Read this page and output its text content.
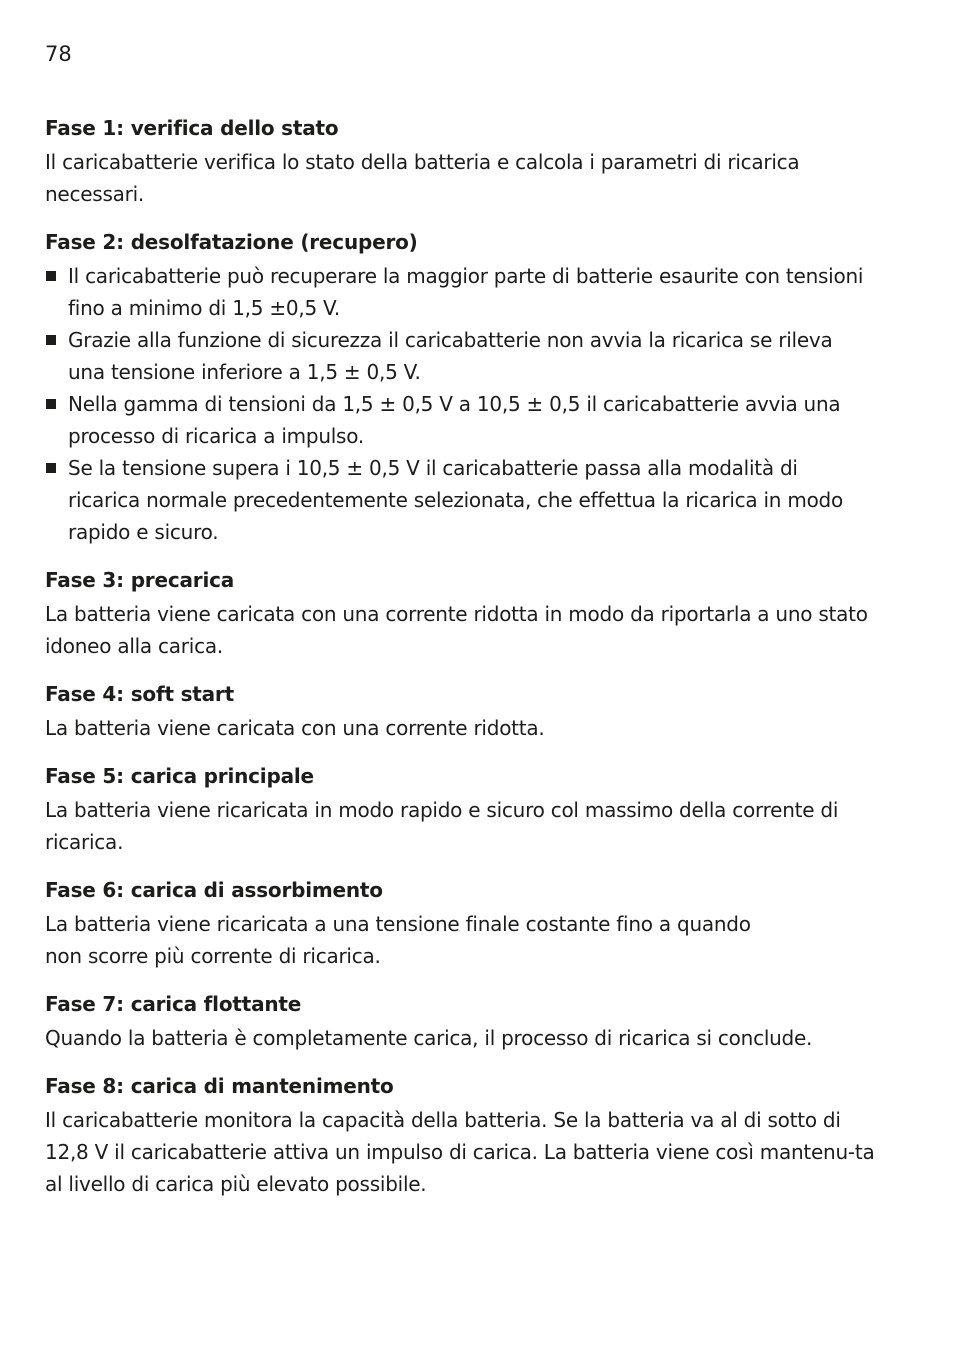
78
Fase 1: verifica dello stato

Il caricabatterie verifica lo stato della batteria e calcola i parametri di ricarica necessari.

Fase 2: desolfatazione (recupero)
Il caricabatterie può recuperare la maggior parte di batterie esaurite con tensioni fino a minimo di 1,5 ±0,5 V.
Grazie alla funzione di sicurezza il caricabatterie non avvia la ricarica se rileva una tensione inferiore a 1,5 ± 0,5 V.
Nella gamma di tensioni da 1,5 ± 0,5 V a 10,5 ± 0,5 il caricabatterie avvia una processo di ricarica a impulso.
Se la tensione supera i 10,5 ± 0,5 V il caricabatterie passa alla modalità di ricarica normale precedentemente selezionata, che effettua la ricarica in modo rapido e sicuro.
Fase 3: precarica

La batteria viene caricata con una corrente ridotta in modo da riportarla a uno stato idoneo alla carica.

Fase 4: soft start

La batteria viene caricata con una corrente ridotta.

Fase 5: carica principale

La batteria viene ricaricata in modo rapido e sicuro col massimo della corrente di ricarica.

Fase 6: carica di assorbimento

La batteria viene ricaricata a una tensione finale costante fino a quando non scorre più corrente di ricarica.

Fase 7: carica flottante

Quando la batteria è completamente carica, il processo di ricarica si conclude.

Fase 8: carica di mantenimento

Il caricabatterie monitora la capacità della batteria. Se la batteria va al di sotto di 12,8 V il caricabatterie attiva un impulso di carica. La batteria viene così mantenu-ta al livello di carica più elevato possibile.
